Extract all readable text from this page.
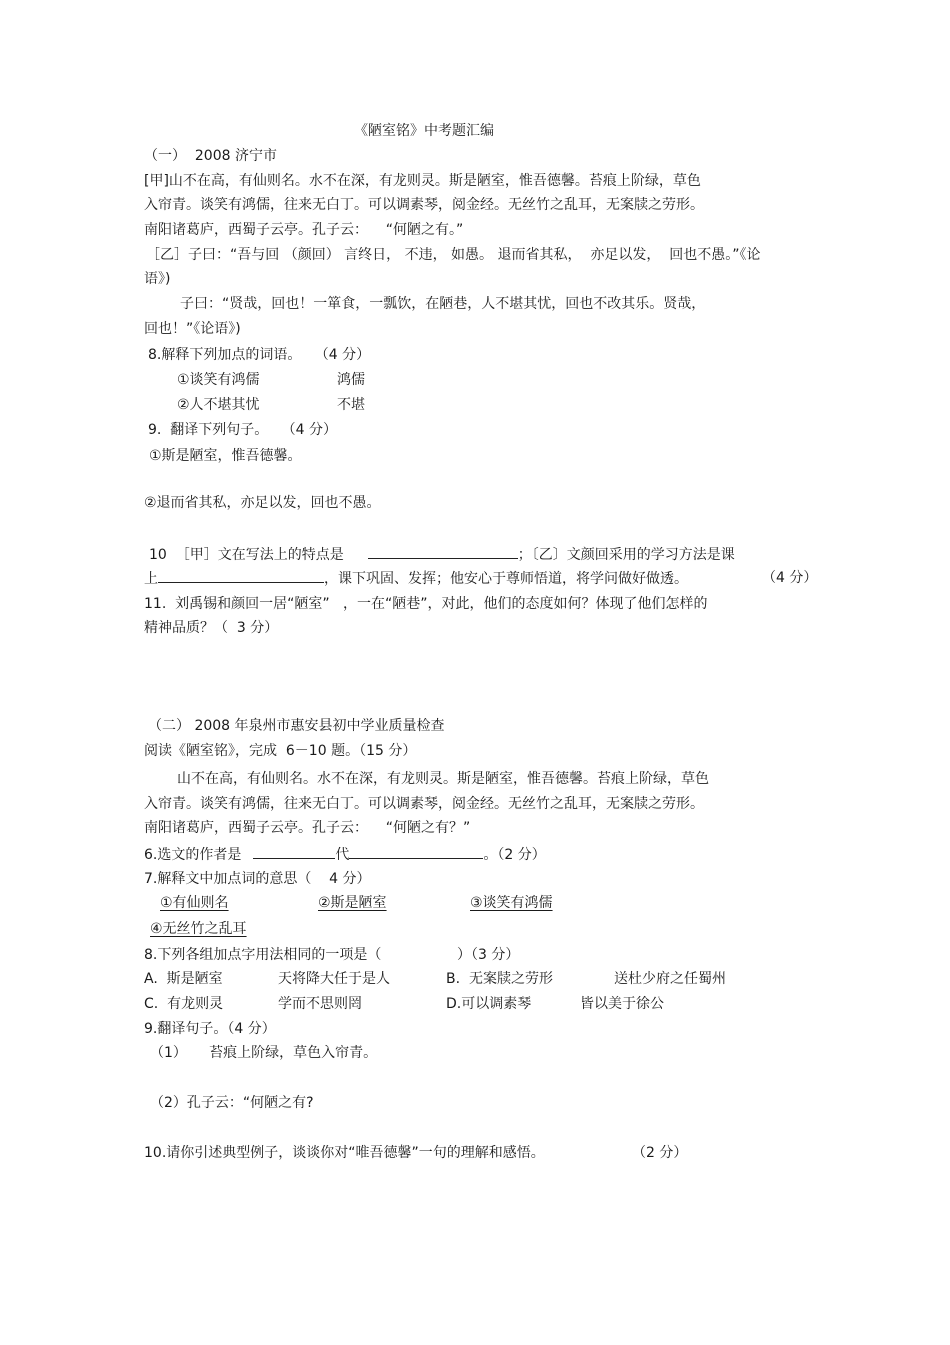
《陋室铭》中考题汇编
（一）  2008 济宁市
[甲]山不在高，有仙则名。水不在深，有龙则灵。斯是陋室，惟吾德馨。苔痕上阶绿，草色
入帘青。谈笑有鸿儒，往来无白丁。可以调素琴，阅金经。无丝竹之乱耳，无案牍之劳形。
南阳诸葛庐，西蜀子云亭。孔子云：    “何陋之有。”
［乙］子曰：“吾与回 （颜回） 言终日， 不违， 如愚。 退而省其私，  亦足以发，  回也不愚。”《论
语》)
子曰：“贤哉，回也！一箪食，一瓢饮，在陋巷，人不堪其忧，回也不改其乐。贤哉，
回也！”《论语》)
8.解释下列加点的词语。   （4 分）
①谈笑有鸿儒	鸿儒
②人不堪其忧	不堪
9.  翻译下列句子。   （4 分）
①斯是陋室，惟吾德馨。
②退而省其私，亦足以发，回也不愚。
10  ［甲］文在写法上的特点是	；〔乙〕文颜回采用的学习方法是课
上	，课下巩固、发挥；他安心于尊师悟道，将学问做好做透。	（4 分）
11.  刘禹锡和颜回一居“陋室”   ，一在“陋巷”，对此，他们的态度如何？体现了他们怎样的
精神品质？（  3 分）
（二） 2008 年泉州市惠安县初中学业质量检查
阅读《陋室铭》，完成  6－10 题。（15 分）
山不在高，有仙则名。水不在深，有龙则灵。斯是陋室，惟吾德馨。苔痕上阶绿，草色
入帘青。谈笑有鸿儒，往来无白丁。可以调素琴，阅金经。无丝竹之乱耳，无案牍之劳形。
南阳诸葛庐，西蜀子云亭。孔子云：    “何陋之有？”
6.选文的作者是	代	。（2 分）
7.解释文中加点词的意思（    4 分）
①有仙则名	②斯是陋室	③谈笑有鸿儒
④无丝竹之乱耳
8.下列各组加点字用法相同的一项是（                 ）（3 分）
A.  斯是陋室	天将降大任于是人	B.  无案牍之劳形	送杜少府之任蜀州
C.  有龙则灵	学而不思则罔	D.可以调素琴	皆以美于徐公
9.翻译句子。（4 分）
（1）     苔痕上阶绿，草色入帘青。
（2）孔子云：“何陋之有?
10.请你引述典型例子，谈谈你对“唯吾德馨”一句的理解和感悟。	（2 分）
